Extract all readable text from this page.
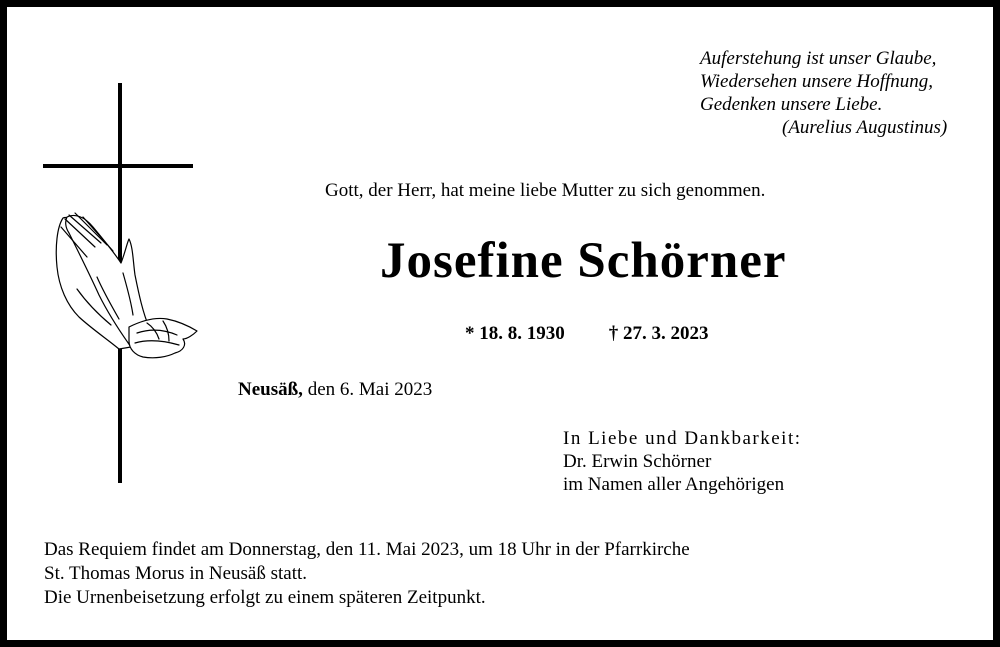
Auferstehung ist unser Glaube,
Wiedersehen unsere Hoffnung,
Gedenken unsere Liebe.
(Aurelius Augustinus)
Gott, der Herr, hat meine liebe Mutter zu sich genommen.
Josefine Schörner
* 18. 8. 1930 † 27. 3. 2023
Neusäß, den 6. Mai 2023
In Liebe und Dankbarkeit:
Dr. Erwin Schörner
im Namen aller Angehörigen
Das Requiem findet am Donnerstag, den 11. Mai 2023, um 18 Uhr in der Pfarrkirche
St. Thomas Morus in Neusäß statt.
Die Urnenbeisetzung erfolgt zu einem späteren Zeitpunkt.
